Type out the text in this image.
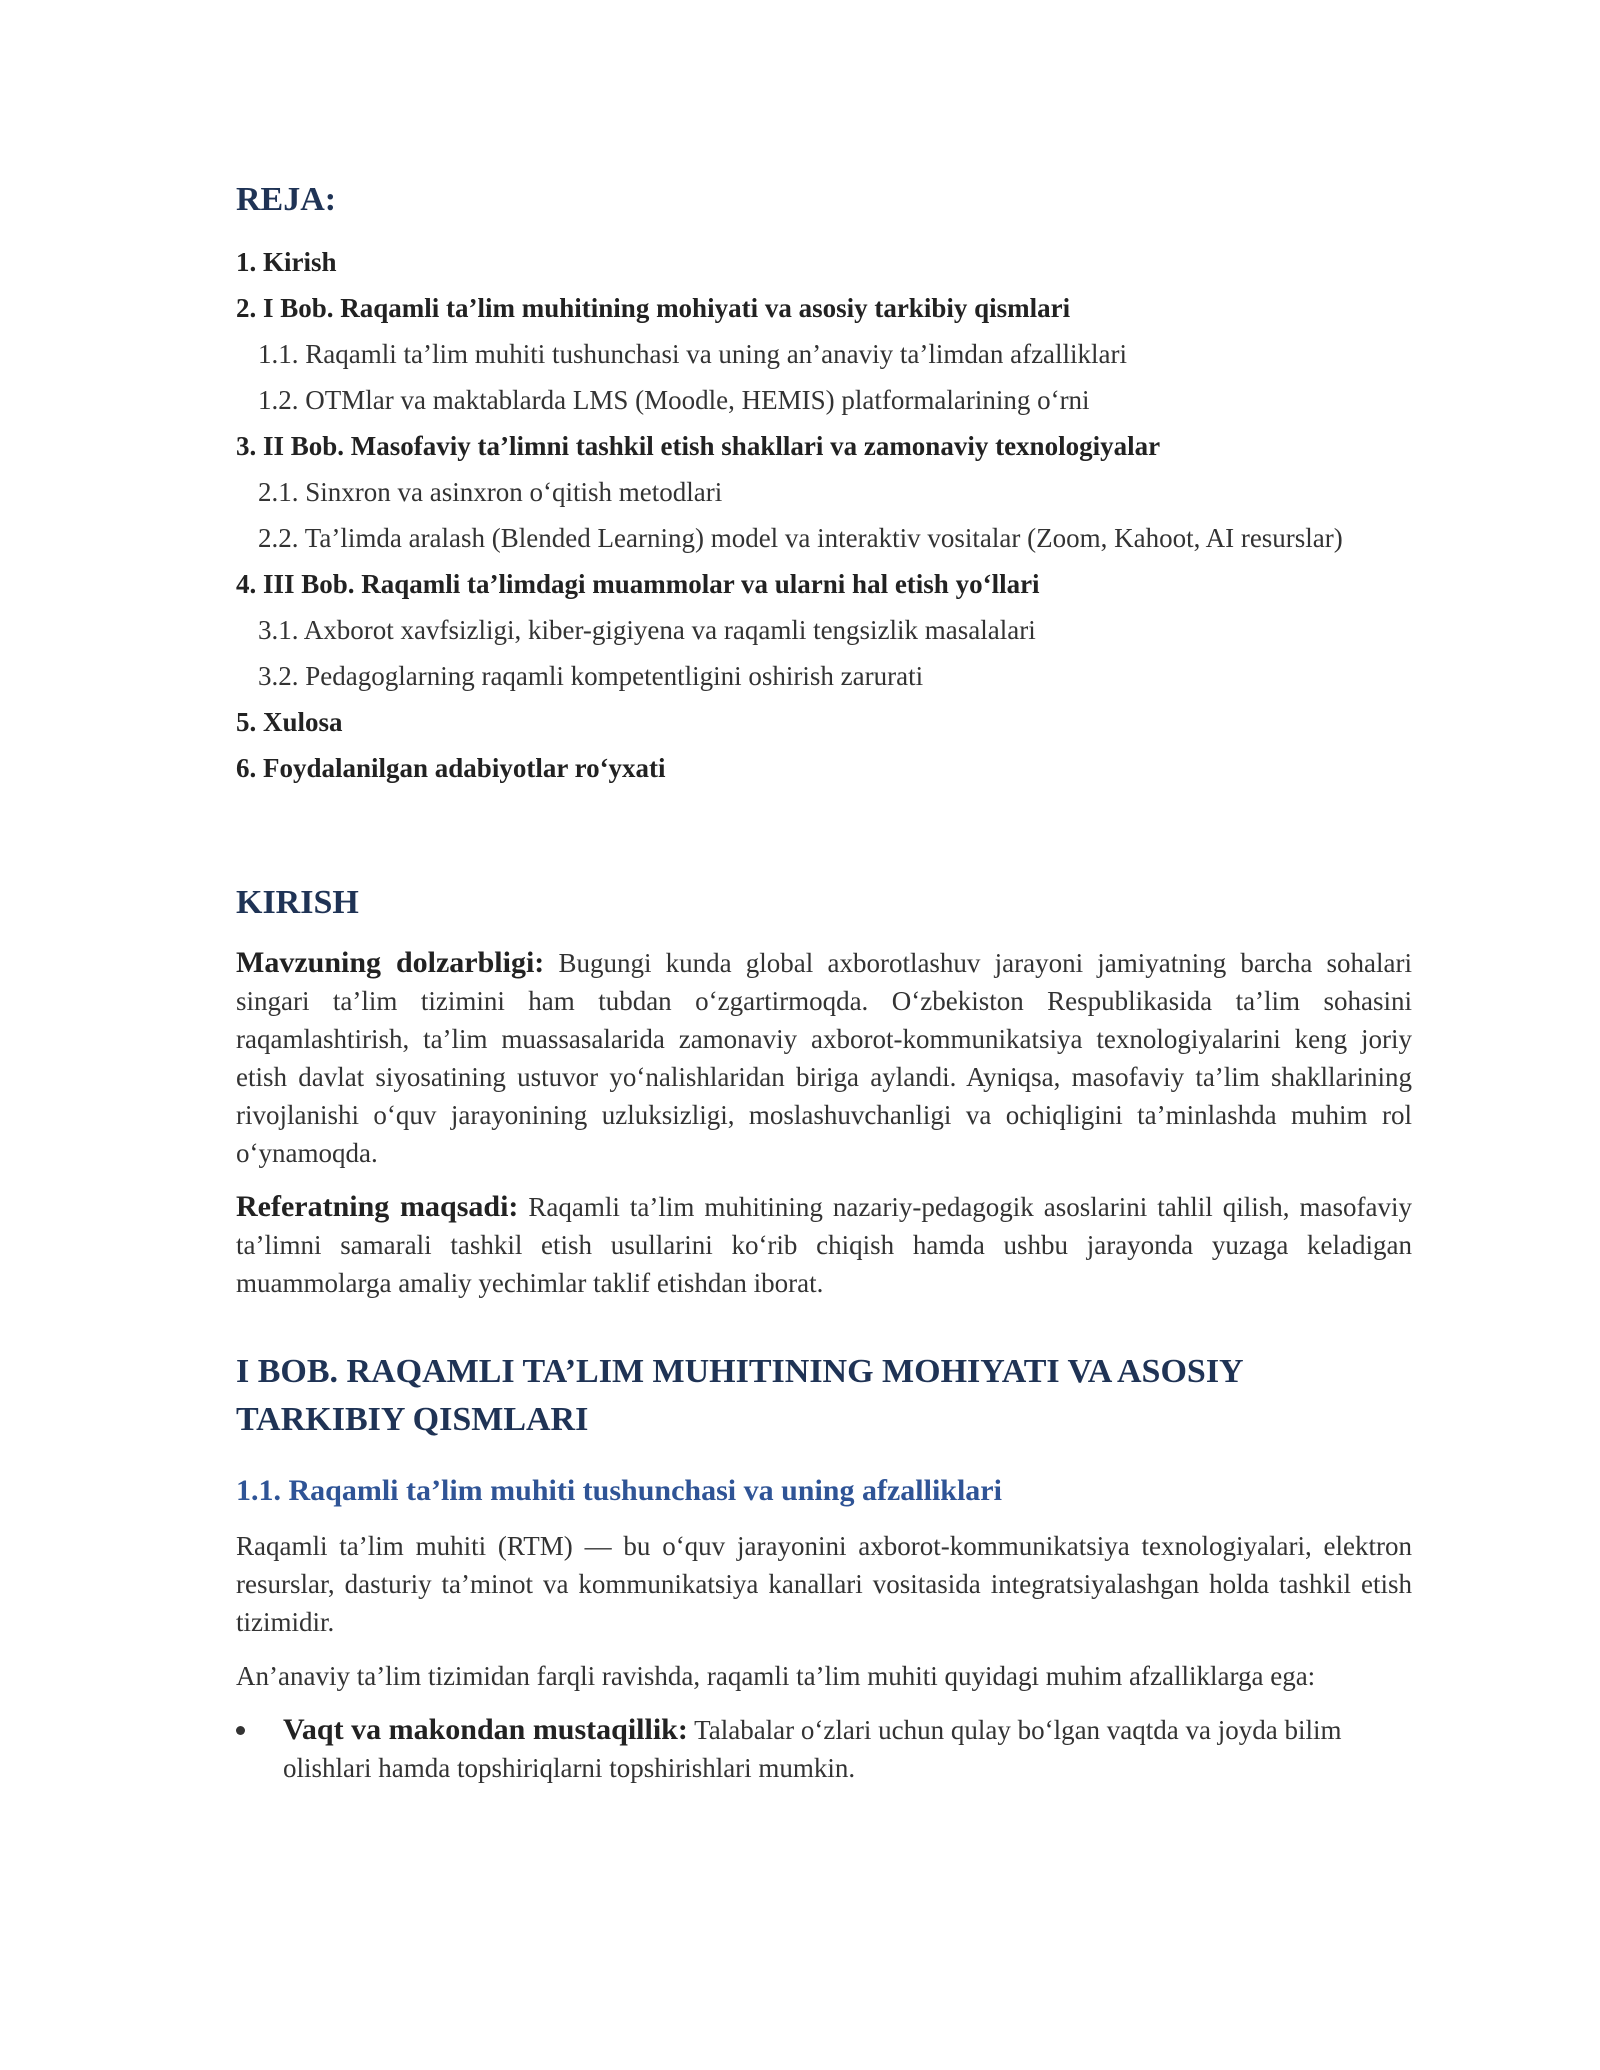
REJA:
1. Kirish
2. I Bob. Raqamli ta’lim muhitining mohiyati va asosiy tarkibiy qismlari
1.1. Raqamli ta’lim muhiti tushunchasi va uning an’anaviy ta’limdan afzalliklari
1.2. OTMlar va maktablarda LMS (Moodle, HEMIS) platformalarining o‘rni
3. II Bob. Masofaviy ta’limni tashkil etish shakllari va zamonaviy texnologiyalar
2.1. Sinxron va asinxron o‘qitish metodlari
2.2. Ta’limda aralash (Blended Learning) model va interaktiv vositalar (Zoom, Kahoot, AI resurslar)
4. III Bob. Raqamli ta’limdagi muammolar va ularni hal etish yo‘llari
3.1. Axborot xavfsizligi, kiber-gigiyena va raqamli tengsizlik masalalari
3.2. Pedagoglarning raqamli kompetentligini oshirish zarurati
5. Xulosa
6. Foydalanilgan adabiyotlar ro‘yxati
KIRISH

Mavzuning dolzarbligi: Bugungi kunda global axborotlashuv jarayoni jamiyatning barcha sohalari singari ta’lim tizimini ham tubdan o‘zgartirmoqda. O‘zbekiston Respublikasida ta’lim sohasini raqamlashtirish, ta’lim muassasalarida zamonaviy axborot-kommunikatsiya texnologiyalarini keng joriy etish davlat siyosatining ustuvor yo‘nalishlaridan biriga aylandi. Ayniqsa, masofaviy ta’lim shakllarining rivojlanishi o‘quv jarayonining uzluksizligi, moslashuvchanligi va ochiqligini ta’minlashda muhim rol o‘ynamoqda.

Referatning maqsadi: Raqamli ta’lim muhitining nazariy-pedagogik asoslarini tahlil qilish, masofaviy ta’limni samarali tashkil etish usullarini ko‘rib chiqish hamda ushbu jarayonda yuzaga keladigan muammolarga amaliy yechimlar taklif etishdan iborat.

I BOB. RAQAMLI TA’LIM MUHITINING MOHIYATI VA ASOSIY TARKIBIY QISMLARI
1.1. Raqamli ta’lim muhiti tushunchasi va uning afzalliklari

Raqamli ta’lim muhiti (RTM) — bu o‘quv jarayonini axborot-kommunikatsiya texnologiyalari, elektron resurslar, dasturiy ta’minot va kommunikatsiya kanallari vositasida integratsiyalashgan holda tashkil etish tizimidir.

An’anaviy ta’lim tizimidan farqli ravishda, raqamli ta’lim muhiti quyidagi muhim afzalliklarga ega:

Vaqt va makondan mustaqillik: Talabalar o‘zlari uchun qulay bo‘lgan vaqtda va joyda bilim olishlari hamda topshiriqlarni topshirishlari mumkin.
